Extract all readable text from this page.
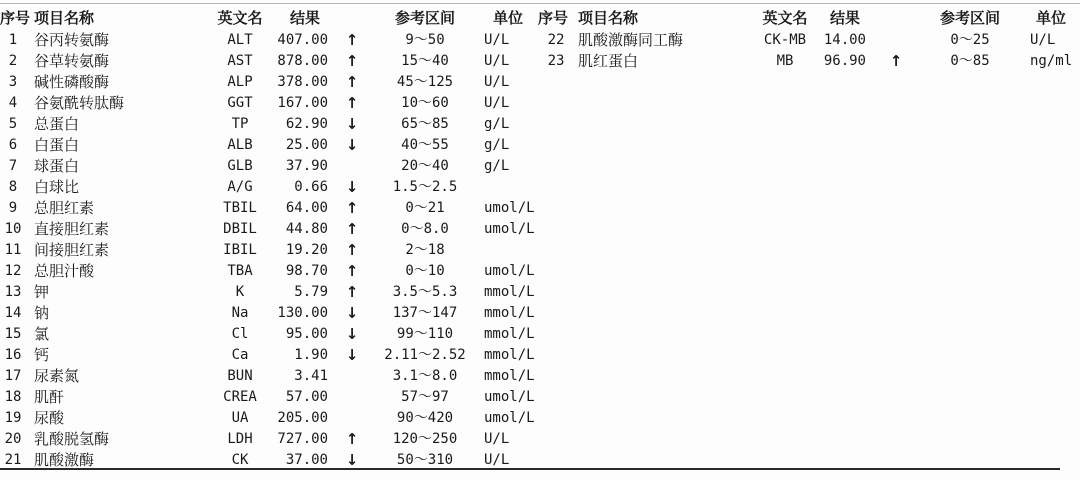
序号 项目名称	英文名	结果	参考区间	单位
1	谷丙转氨酶	ALT	407.00	↑	9～50	U/L
2	谷草转氨酶	AST	878.00	↑	15～40	U/L
3	碱性磷酸酶	ALP	378.00	↑	45～125	U/L
4	谷氨酰转肽酶	GGT	167.00	↑	10～60	U/L
5	总蛋白	TP	62.90	↓	65～85	g/L
6	白蛋白	ALB	25.00	↓	40～55	g/L
7	球蛋白	GLB	37.90	20～40	g/L
8	白球比	A/G	0.66	↓	1.5～2.5
9	总胆红素	TBIL	64.00	↑	0～21	umol/L
10 直接胆红素	DBIL	44.80	↑	0～8.0	umol/L
11 间接胆红素	IBIL	19.20	↑	2～18
12 总胆汁酸	TBA	98.70	↑	0～10	umol/L
13 钾	K	5.79	↑	3.5～5.3	mmol/L
14 钠	Na	130.00	↓	137～147	mmol/L
15 氯	Cl	95.00	↓	99～110	mmol/L
16 钙	Ca	1.90	↓	2.11～2.52	mmol/L
17 尿素氮	BUN	3.41	3.1～8.0	mmol/L
18 肌酐	CREA	57.00	57～97	umol/L
19 尿酸	UA	205.00	90～420	umol/L
20 乳酸脱氢酶	LDH	727.00	↑	120～250	U/L
21 肌酸激酶	CK	37.00	↓	50～310	U/L
序号 项目名称	英文名	结果	参考区间	单位
22 肌酸激酶同工酶	CK-MB	14.00	0～25	U/L
23 肌红蛋白	MB	96.90	↑	0～85	ng/ml
